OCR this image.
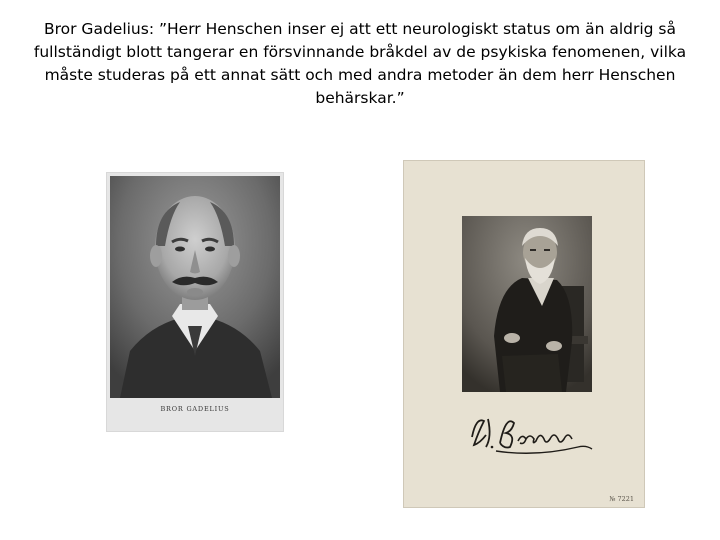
Bror Gadelius: ”Herr Henschen inser ej att ett neurologiskt status om än aldrig så fullständigt blott tangerar en försvinnande bråkdel av de psykiska fenomenen, vilka måste studeras på ett annat sätt och med andra metoder än dem herr Henschen behärskar.”
BROR GADELIUS
№ 7221
